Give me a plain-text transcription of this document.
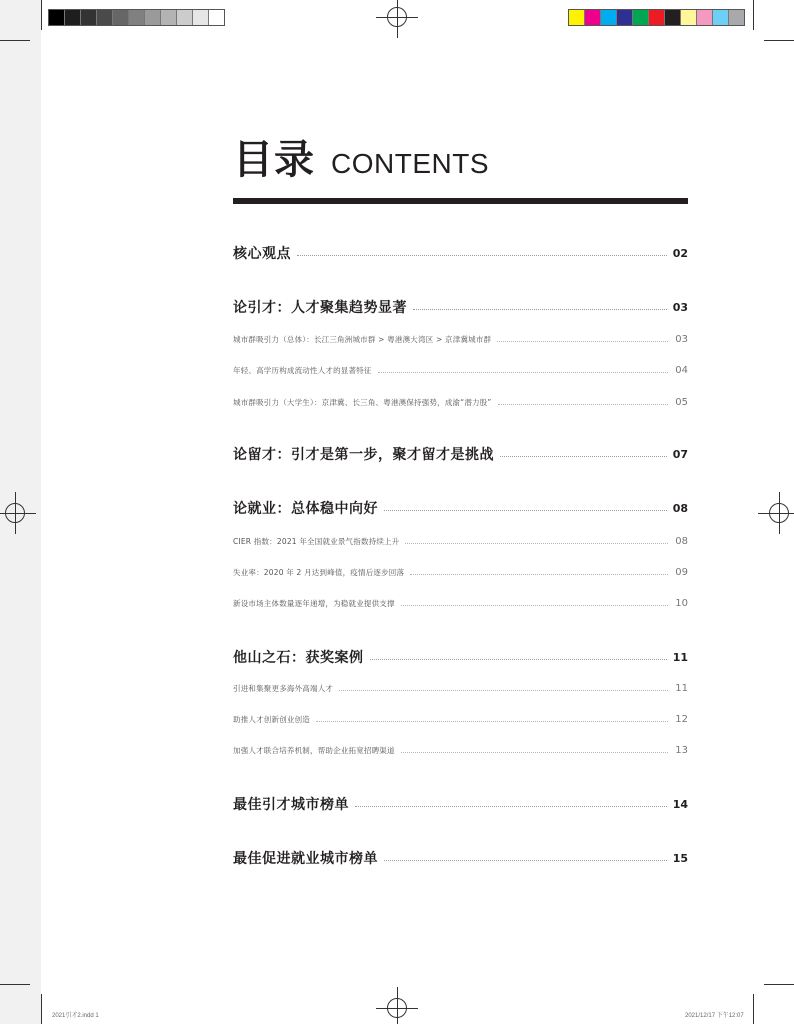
目录 CONTENTS
核心观点	02
论引才：人才聚集趋势显著	03
城市群吸引力（总体）：长江三角洲城市群 > 粤港澳大湾区 > 京津冀城市群	03
年轻、高学历构成流动性人才的显著特征	04
城市群吸引力（大学生）：京津冀、长三角、粤港澳保持强势，成渝“潜力股”	05
论留才：引才是第一步，聚才留才是挑战	07
论就业：总体稳中向好	08
CIER 指数：2021 年全国就业景气指数持续上升	08
失业率：2020 年 2 月达到峰值，疫情后逐步回落	09
新设市场主体数量逐年递增，为稳就业提供支撑	10
他山之石：获奖案例	11
引进和集聚更多海外高端人才	11
助推人才创新创业创造	12
加强人才联合培养机制，帮助企业拓宽招聘渠道	13
最佳引才城市榜单	14
最佳促进就业城市榜单	15
2021引才2.indd 1	2021/12/17 下午12:07
